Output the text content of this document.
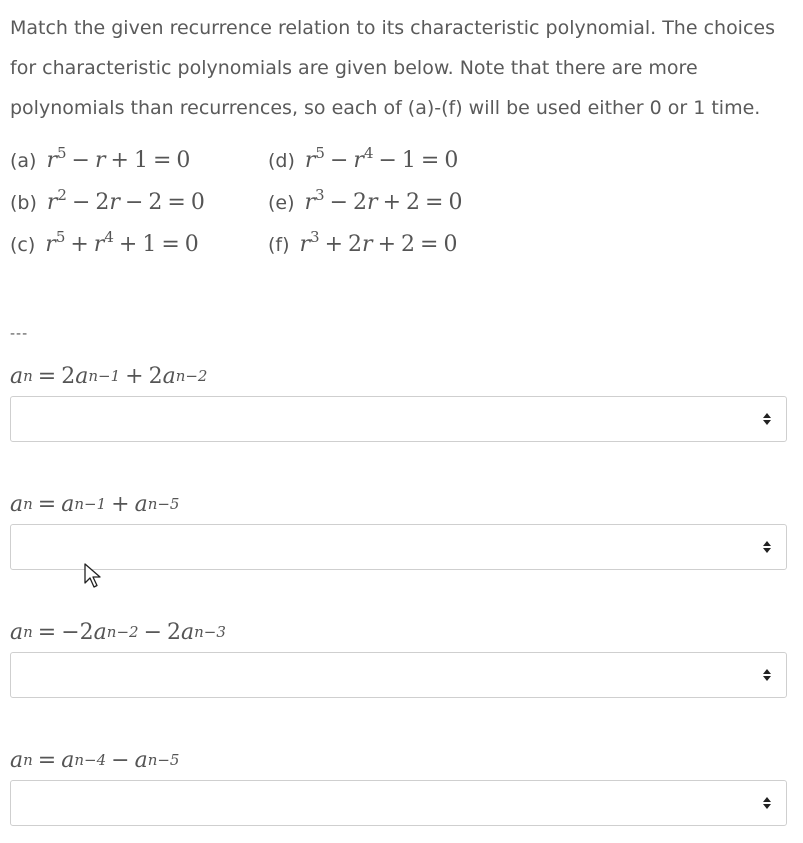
Match the given recurrence relation to its characteristic polynomial. The choices for characteristic polynomials are given below. Note that there are more polynomials than recurrences, so each of (a)-(f) will be used either 0 or 1 time.
(a) $r^5 - r + 1 = 0$
(b) $r^2 - 2r - 2 = 0$
(c) $r^5 + r^4 + 1 = 0$
(d) $r^5 - r^4 - 1 = 0$
(e) $r^3 - 2r + 2 = 0$
(f) $r^3 + 2r + 2 = 0$
---
a n = 2 a n−1 + 2 a n−2
a n = a n−1 + a n−5
a n = −2 a n−2 − 2 a n−3
a n = a n−4 − a n−5
